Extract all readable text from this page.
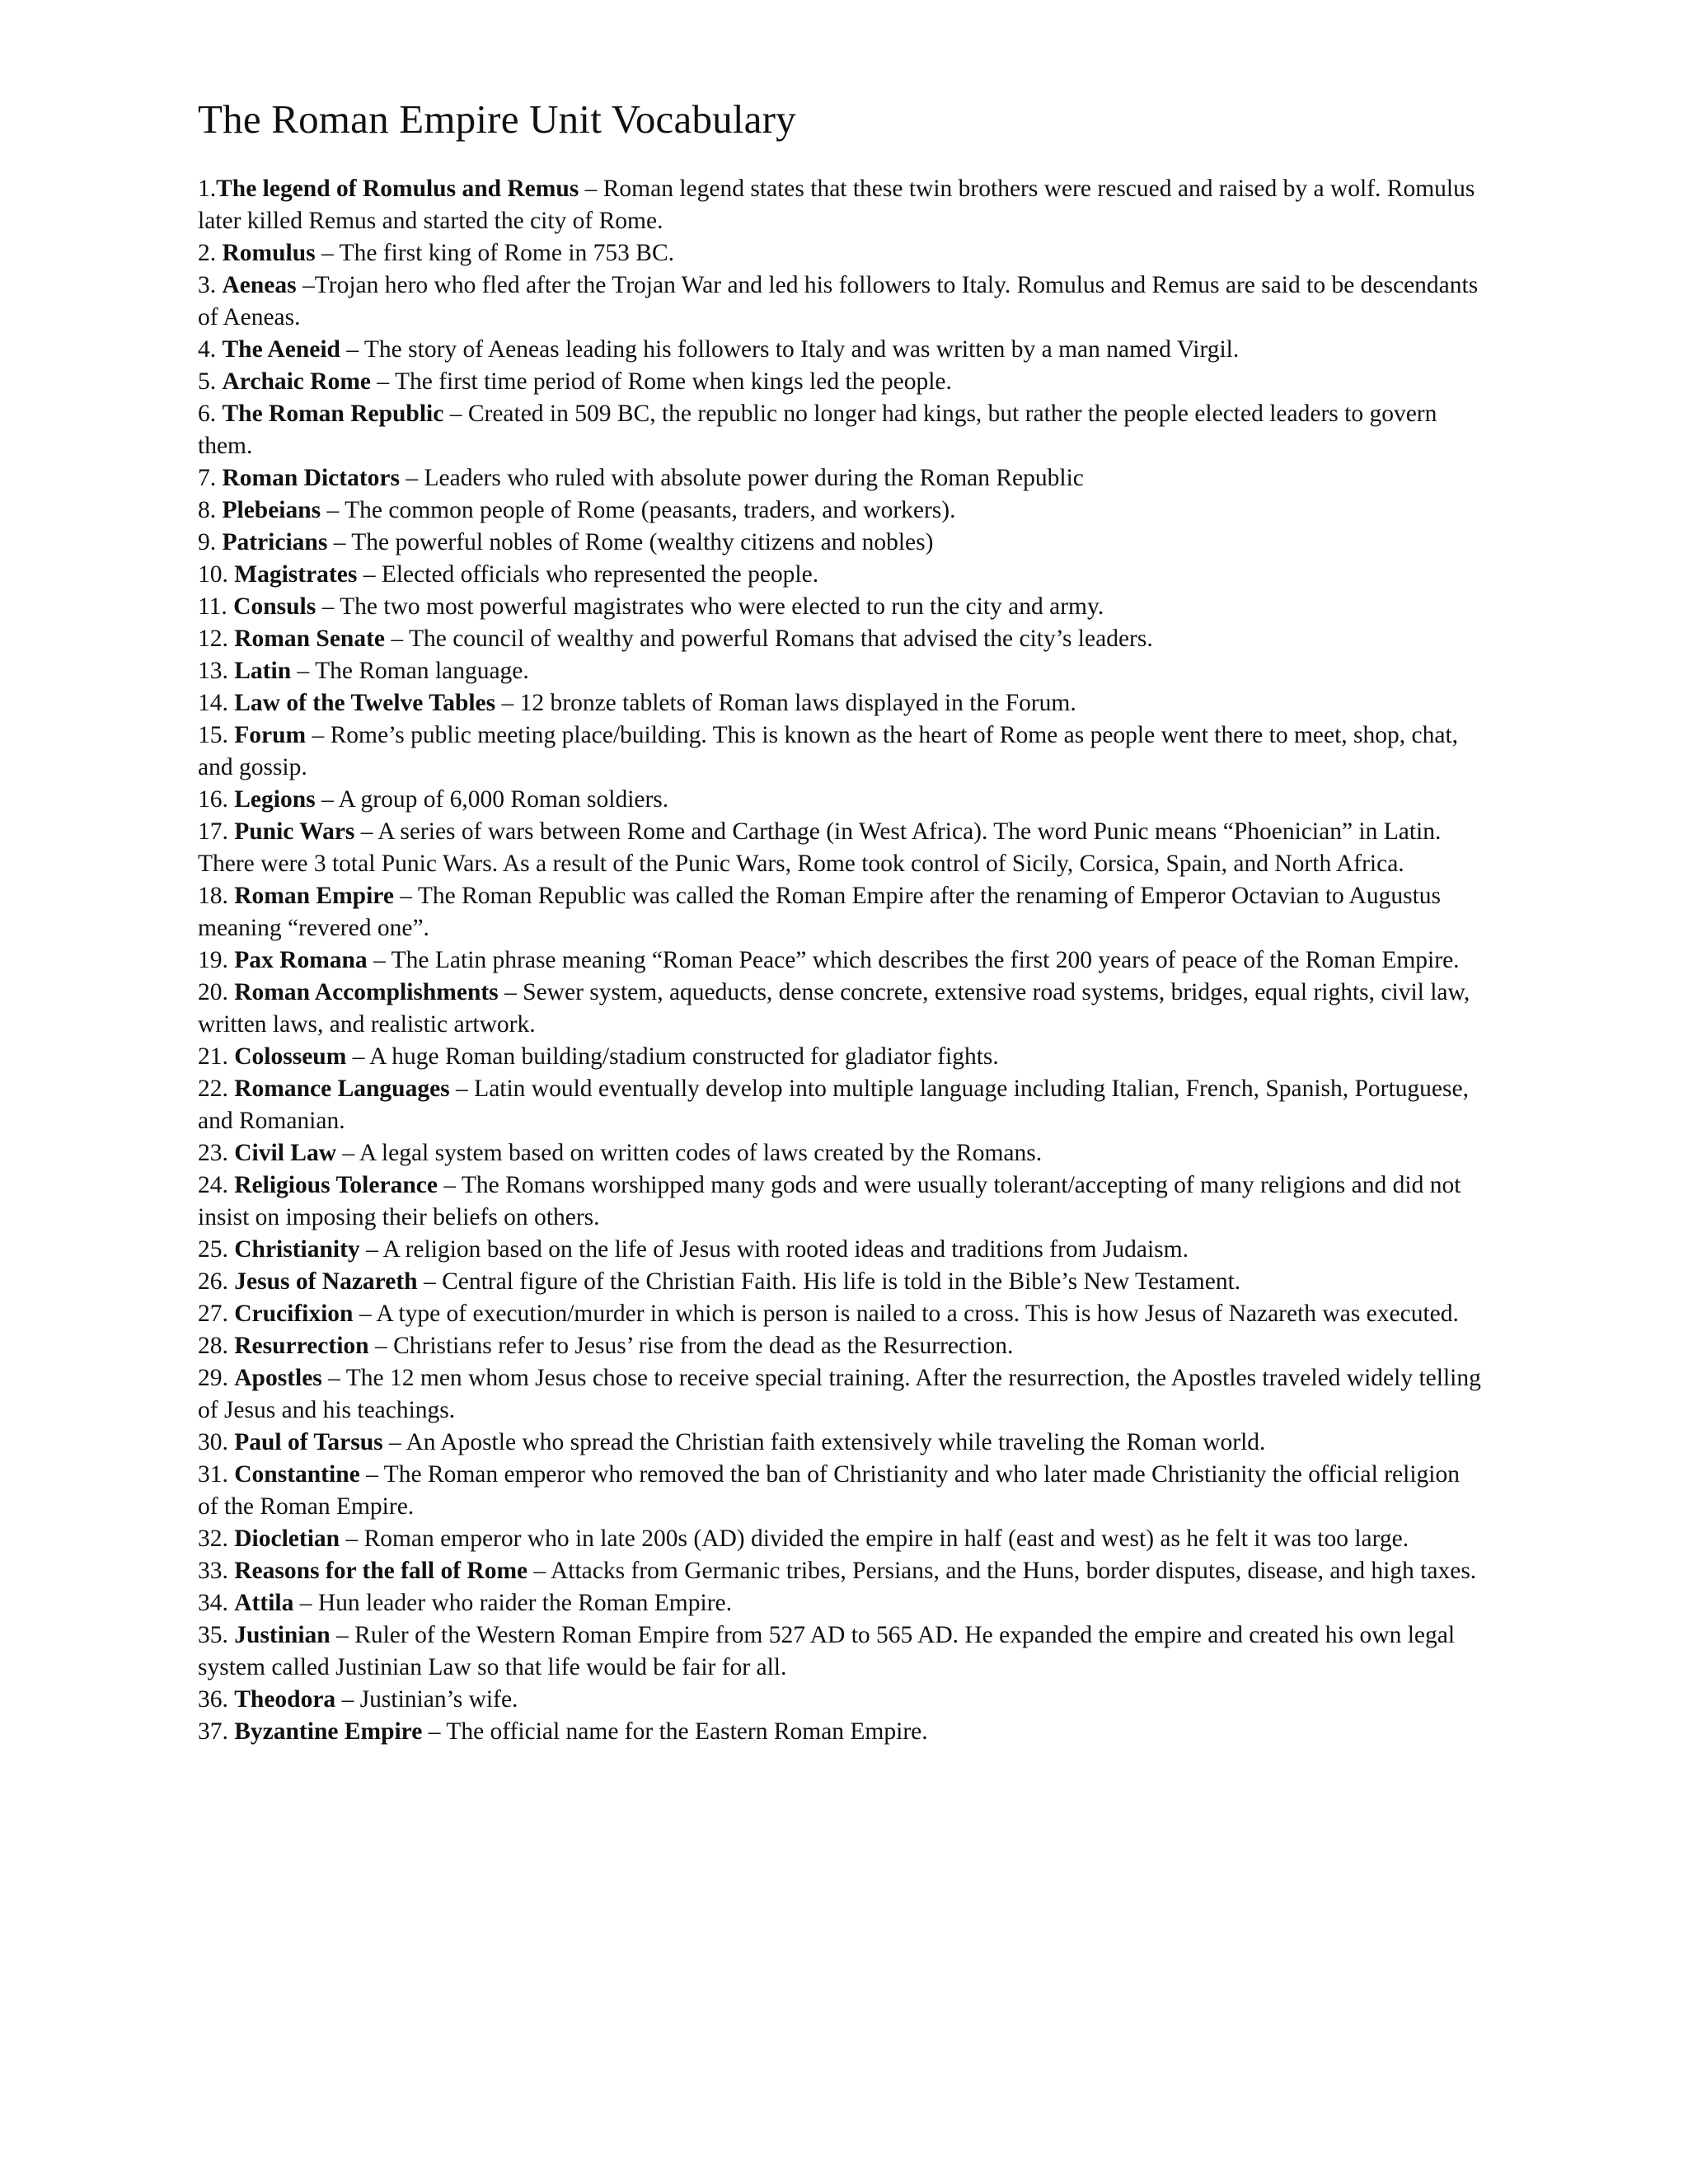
The Roman Empire Unit Vocabulary
1.The legend of Romulus and Remus – Roman legend states that these twin brothers were rescued and raised by a wolf. Romulus later killed Remus and started the city of Rome.
2. Romulus – The first king of Rome in 753 BC.
3. Aeneas –Trojan hero who fled after the Trojan War and led his followers to Italy. Romulus and Remus are said to be descendants of Aeneas.
4. The Aeneid – The story of Aeneas leading his followers to Italy and was written by a man named Virgil.
5. Archaic Rome – The first time period of Rome when kings led the people.
6. The Roman Republic – Created in 509 BC, the republic no longer had kings, but rather the people elected leaders to govern them.
7. Roman Dictators – Leaders who ruled with absolute power during the Roman Republic
8. Plebeians – The common people of Rome (peasants, traders, and workers).
9. Patricians – The powerful nobles of Rome (wealthy citizens and nobles)
10. Magistrates – Elected officials who represented the people.
11. Consuls – The two most powerful magistrates who were elected to run the city and army.
12. Roman Senate – The council of wealthy and powerful Romans that advised the city’s leaders.
13. Latin – The Roman language.
14. Law of the Twelve Tables – 12 bronze tablets of Roman laws displayed in the Forum.
15. Forum – Rome’s public meeting place/building. This is known as the heart of Rome as people went there to meet, shop, chat, and gossip.
16. Legions – A group of 6,000 Roman soldiers.
17. Punic Wars – A series of wars between Rome and Carthage (in West Africa). The word Punic means “Phoenician” in Latin. There were 3 total Punic Wars. As a result of the Punic Wars, Rome took control of Sicily, Corsica, Spain, and North Africa.
18. Roman Empire – The Roman Republic was called the Roman Empire after the renaming of Emperor Octavian to Augustus meaning “revered one”.
19. Pax Romana – The Latin phrase meaning “Roman Peace” which describes the first 200 years of peace of the Roman Empire.
20. Roman Accomplishments – Sewer system, aqueducts, dense concrete, extensive road systems, bridges, equal rights, civil law, written laws, and realistic artwork.
21. Colosseum – A huge Roman building/stadium constructed for gladiator fights.
22. Romance Languages – Latin would eventually develop into multiple language including Italian, French, Spanish, Portuguese, and Romanian.
23. Civil Law – A legal system based on written codes of laws created by the Romans.
24. Religious Tolerance – The Romans worshipped many gods and were usually tolerant/accepting of many religions and did not insist on imposing their beliefs on others.
25. Christianity – A religion based on the life of Jesus with rooted ideas and traditions from Judaism.
26. Jesus of Nazareth – Central figure of the Christian Faith. His life is told in the Bible’s New Testament.
27. Crucifixion – A type of execution/murder in which is person is nailed to a cross. This is how Jesus of Nazareth was executed.
28. Resurrection – Christians refer to Jesus’ rise from the dead as the Resurrection.
29. Apostles – The 12 men whom Jesus chose to receive special training. After the resurrection, the Apostles traveled widely telling of Jesus and his teachings.
30. Paul of Tarsus – An Apostle who spread the Christian faith extensively while traveling the Roman world.
31. Constantine – The Roman emperor who removed the ban of Christianity and who later made Christianity the official religion of the Roman Empire.
32. Diocletian – Roman emperor who in late 200s (AD) divided the empire in half (east and west) as he felt it was too large.
33. Reasons for the fall of Rome – Attacks from Germanic tribes, Persians, and the Huns, border disputes, disease, and high taxes.
34. Attila – Hun leader who raider the Roman Empire.
35. Justinian – Ruler of the Western Roman Empire from 527 AD to 565 AD. He expanded the empire and created his own legal system called Justinian Law so that life would be fair for all.
36. Theodora – Justinian’s wife.
37. Byzantine Empire – The official name for the Eastern Roman Empire.
